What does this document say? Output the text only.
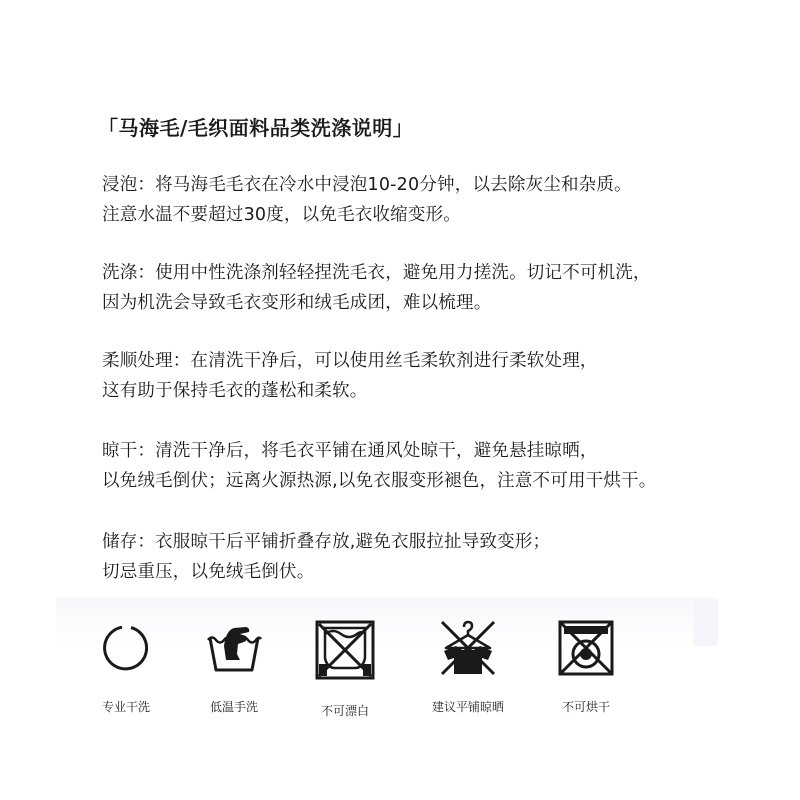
「马海毛/毛织面料品类洗涤说明」
浸泡：将马海毛毛衣在冷水中浸泡10-20分钟，以去除灰尘和杂质。
注意水温不要超过30度，以免毛衣收缩变形。
洗涤：使用中性洗涤剂轻轻捏洗毛衣，避免用力搓洗。切记不可机洗，
因为机洗会导致毛衣变形和绒毛成团，难以梳理。
柔顺处理：在清洗干净后，可以使用丝毛柔软剂进行柔软处理，
这有助于保持毛衣的蓬松和柔软。
晾干：清洗干净后，将毛衣平铺在通风处晾干，避免悬挂晾晒，
以免绒毛倒伏；远离火源热源,以免衣服变形褪色，注意不可用干烘干。
储存：衣服晾干后平铺折叠存放,避免衣服拉扯导致变形；
切忌重压，以免绒毛倒伏。
专业干洗	低温手洗	不可漂白	建议平铺晾晒	不可烘干
